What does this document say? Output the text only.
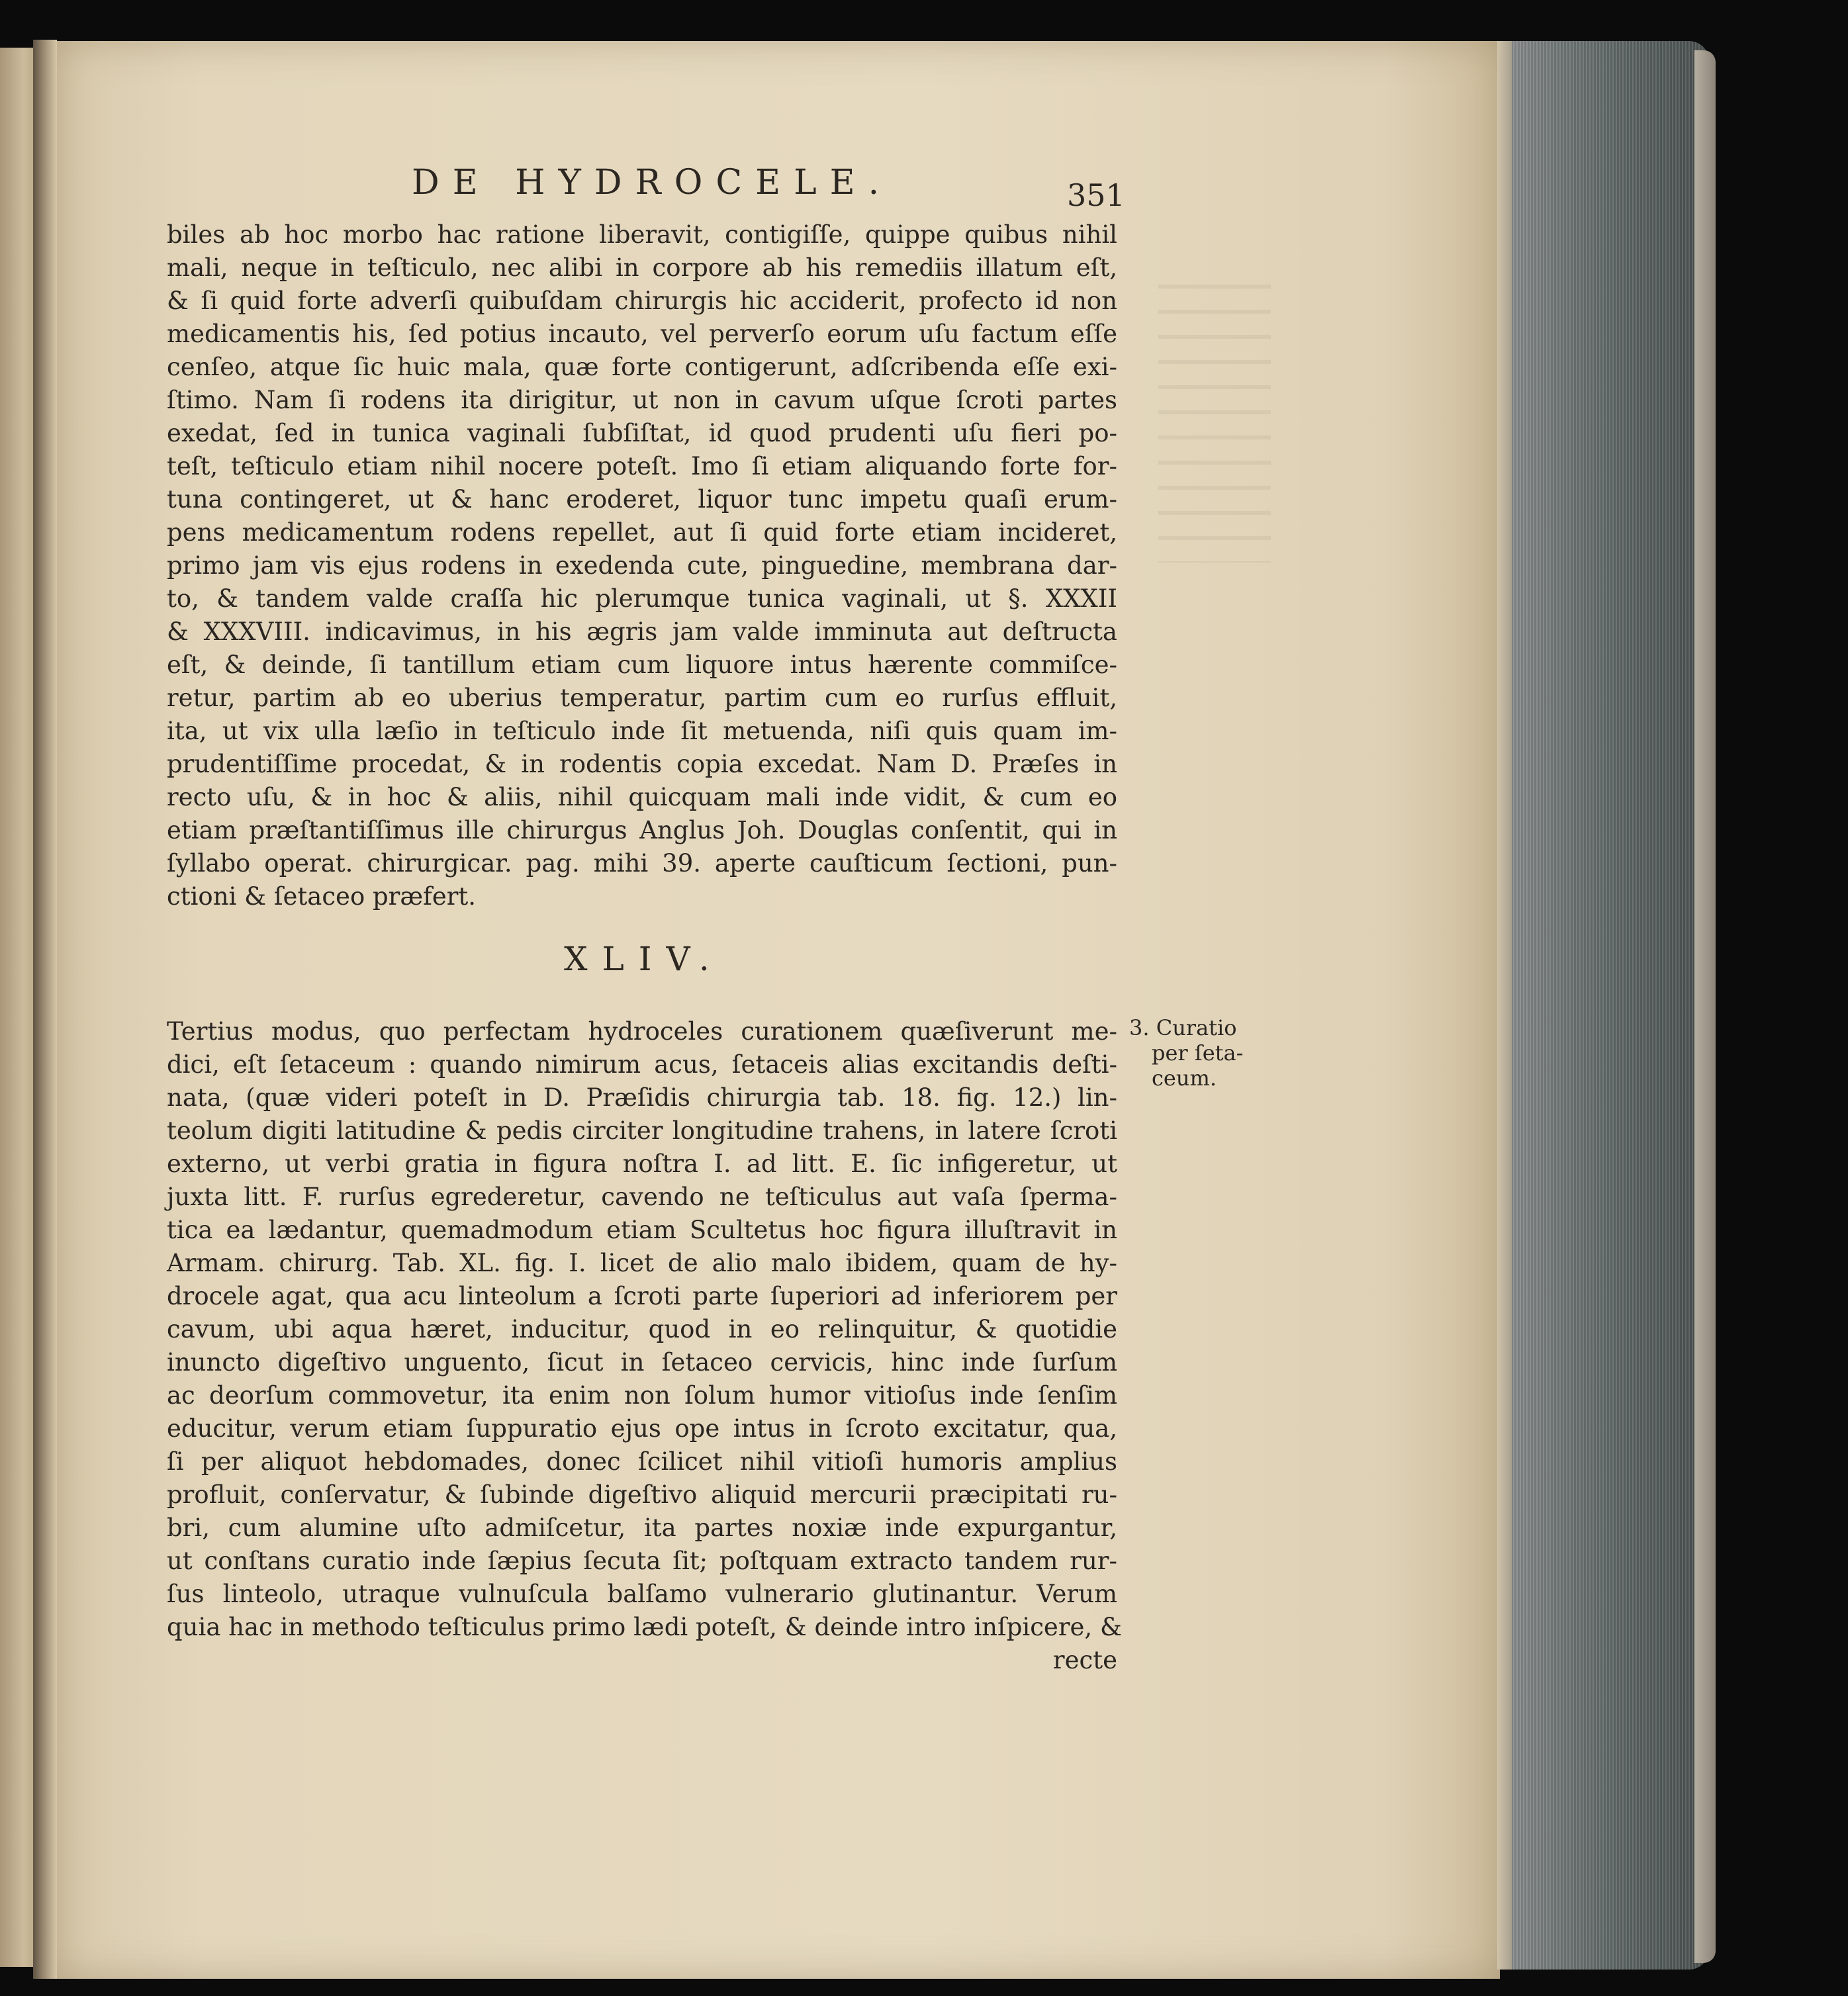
DE HYDROCELE.	351
biles ab hoc morbo hac ratione liberavit, contigiſſe, quippe quibus nihil
mali, neque in teſticulo, nec alibi in corpore ab his remediis illatum eſt,
& ſi quid forte adverſi quibuſdam chirurgis hic acciderit, profecto id non
medicamentis his, ſed potius incauto, vel perverſo eorum uſu factum eſſe
cenſeo, atque ſic huic mala, quæ forte contigerunt, adſcribenda eſſe exi-
ſtimo. Nam ſi rodens ita dirigitur, ut non in cavum uſque ſcroti partes
exedat, ſed in tunica vaginali ſubſiſtat, id quod prudenti uſu fieri po-
teſt, teſticulo etiam nihil nocere poteſt. Imo ſi etiam aliquando forte for-
tuna contingeret, ut & hanc eroderet, liquor tunc impetu quaſi erum-
pens medicamentum rodens repellet, aut ſi quid forte etiam incideret,
primo jam vis ejus rodens in exedenda cute, pinguedine, membrana dar-
to, & tandem valde craſſa hic plerumque tunica vaginali, ut §. XXXII
& XXXVIII. indicavimus, in his ægris jam valde imminuta aut deſtructa
eſt, & deinde, ſi tantillum etiam cum liquore intus hærente commiſce-
retur, partim ab eo uberius temperatur, partim cum eo rurſus effluit,
ita, ut vix ulla læſio in teſticulo inde ſit metuenda, niſi quis quam im-
prudentiſſime procedat, & in rodentis copia excedat. Nam D. Præſes in
recto uſu, & in hoc & aliis, nihil quicquam mali inde vidit, & cum eo
etiam præſtantiſſimus ille chirurgus Anglus Joh. Douglas conſentit, qui in
ſyllabo operat. chirurgicar. pag. mihi 39. aperte cauſticum ſectioni, pun-
ctioni & ſetaceo præfert.
XLIV.
Tertius modus, quo perfectam hydroceles curationem quæſiverunt me-
dici, eſt ſetaceum : quando nimirum acus, ſetaceis alias excitandis deſti-
nata, (quæ videri poteſt in D. Præſidis chirurgia tab. 18. fig. 12.) lin-
teolum digiti latitudine & pedis circiter longitudine trahens, in latere ſcroti
externo, ut verbi gratia in figura noſtra I. ad litt. E. ſic infigeretur, ut
juxta litt. F. rurſus egrederetur, cavendo ne teſticulus aut vaſa ſperma-
tica ea lædantur, quemadmodum etiam Scultetus hoc figura illuſtravit in
Armam. chirurg. Tab. XL. fig. I. licet de alio malo ibidem, quam de hy-
drocele agat, qua acu linteolum a ſcroti parte ſuperiori ad inferiorem per
cavum, ubi aqua hæret, inducitur, quod in eo relinquitur, & quotidie
inuncto digeſtivo unguento, ſicut in ſetaceo cervicis, hinc inde ſurſum
ac deorſum commovetur, ita enim non ſolum humor vitioſus inde ſenſim
educitur, verum etiam ſuppuratio ejus ope intus in ſcroto excitatur, qua,
ſi per aliquot hebdomades, donec ſcilicet nihil vitioſi humoris amplius
profluit, conſervatur, & ſubinde digeſtivo aliquid mercurii præcipitati ru-
bri, cum alumine uſto admiſcetur, ita partes noxiæ inde expurgantur,
ut conſtans curatio inde ſæpius ſecuta ſit; poſtquam extracto tandem rur-
ſus linteolo, utraque vulnuſcula balſamo vulnerario glutinantur. Verum
quia hac in methodo teſticulus primo lædi poteſt, & deinde intro inſpicere, &
recte
3. Curatio
per ſeta-
ceum.
